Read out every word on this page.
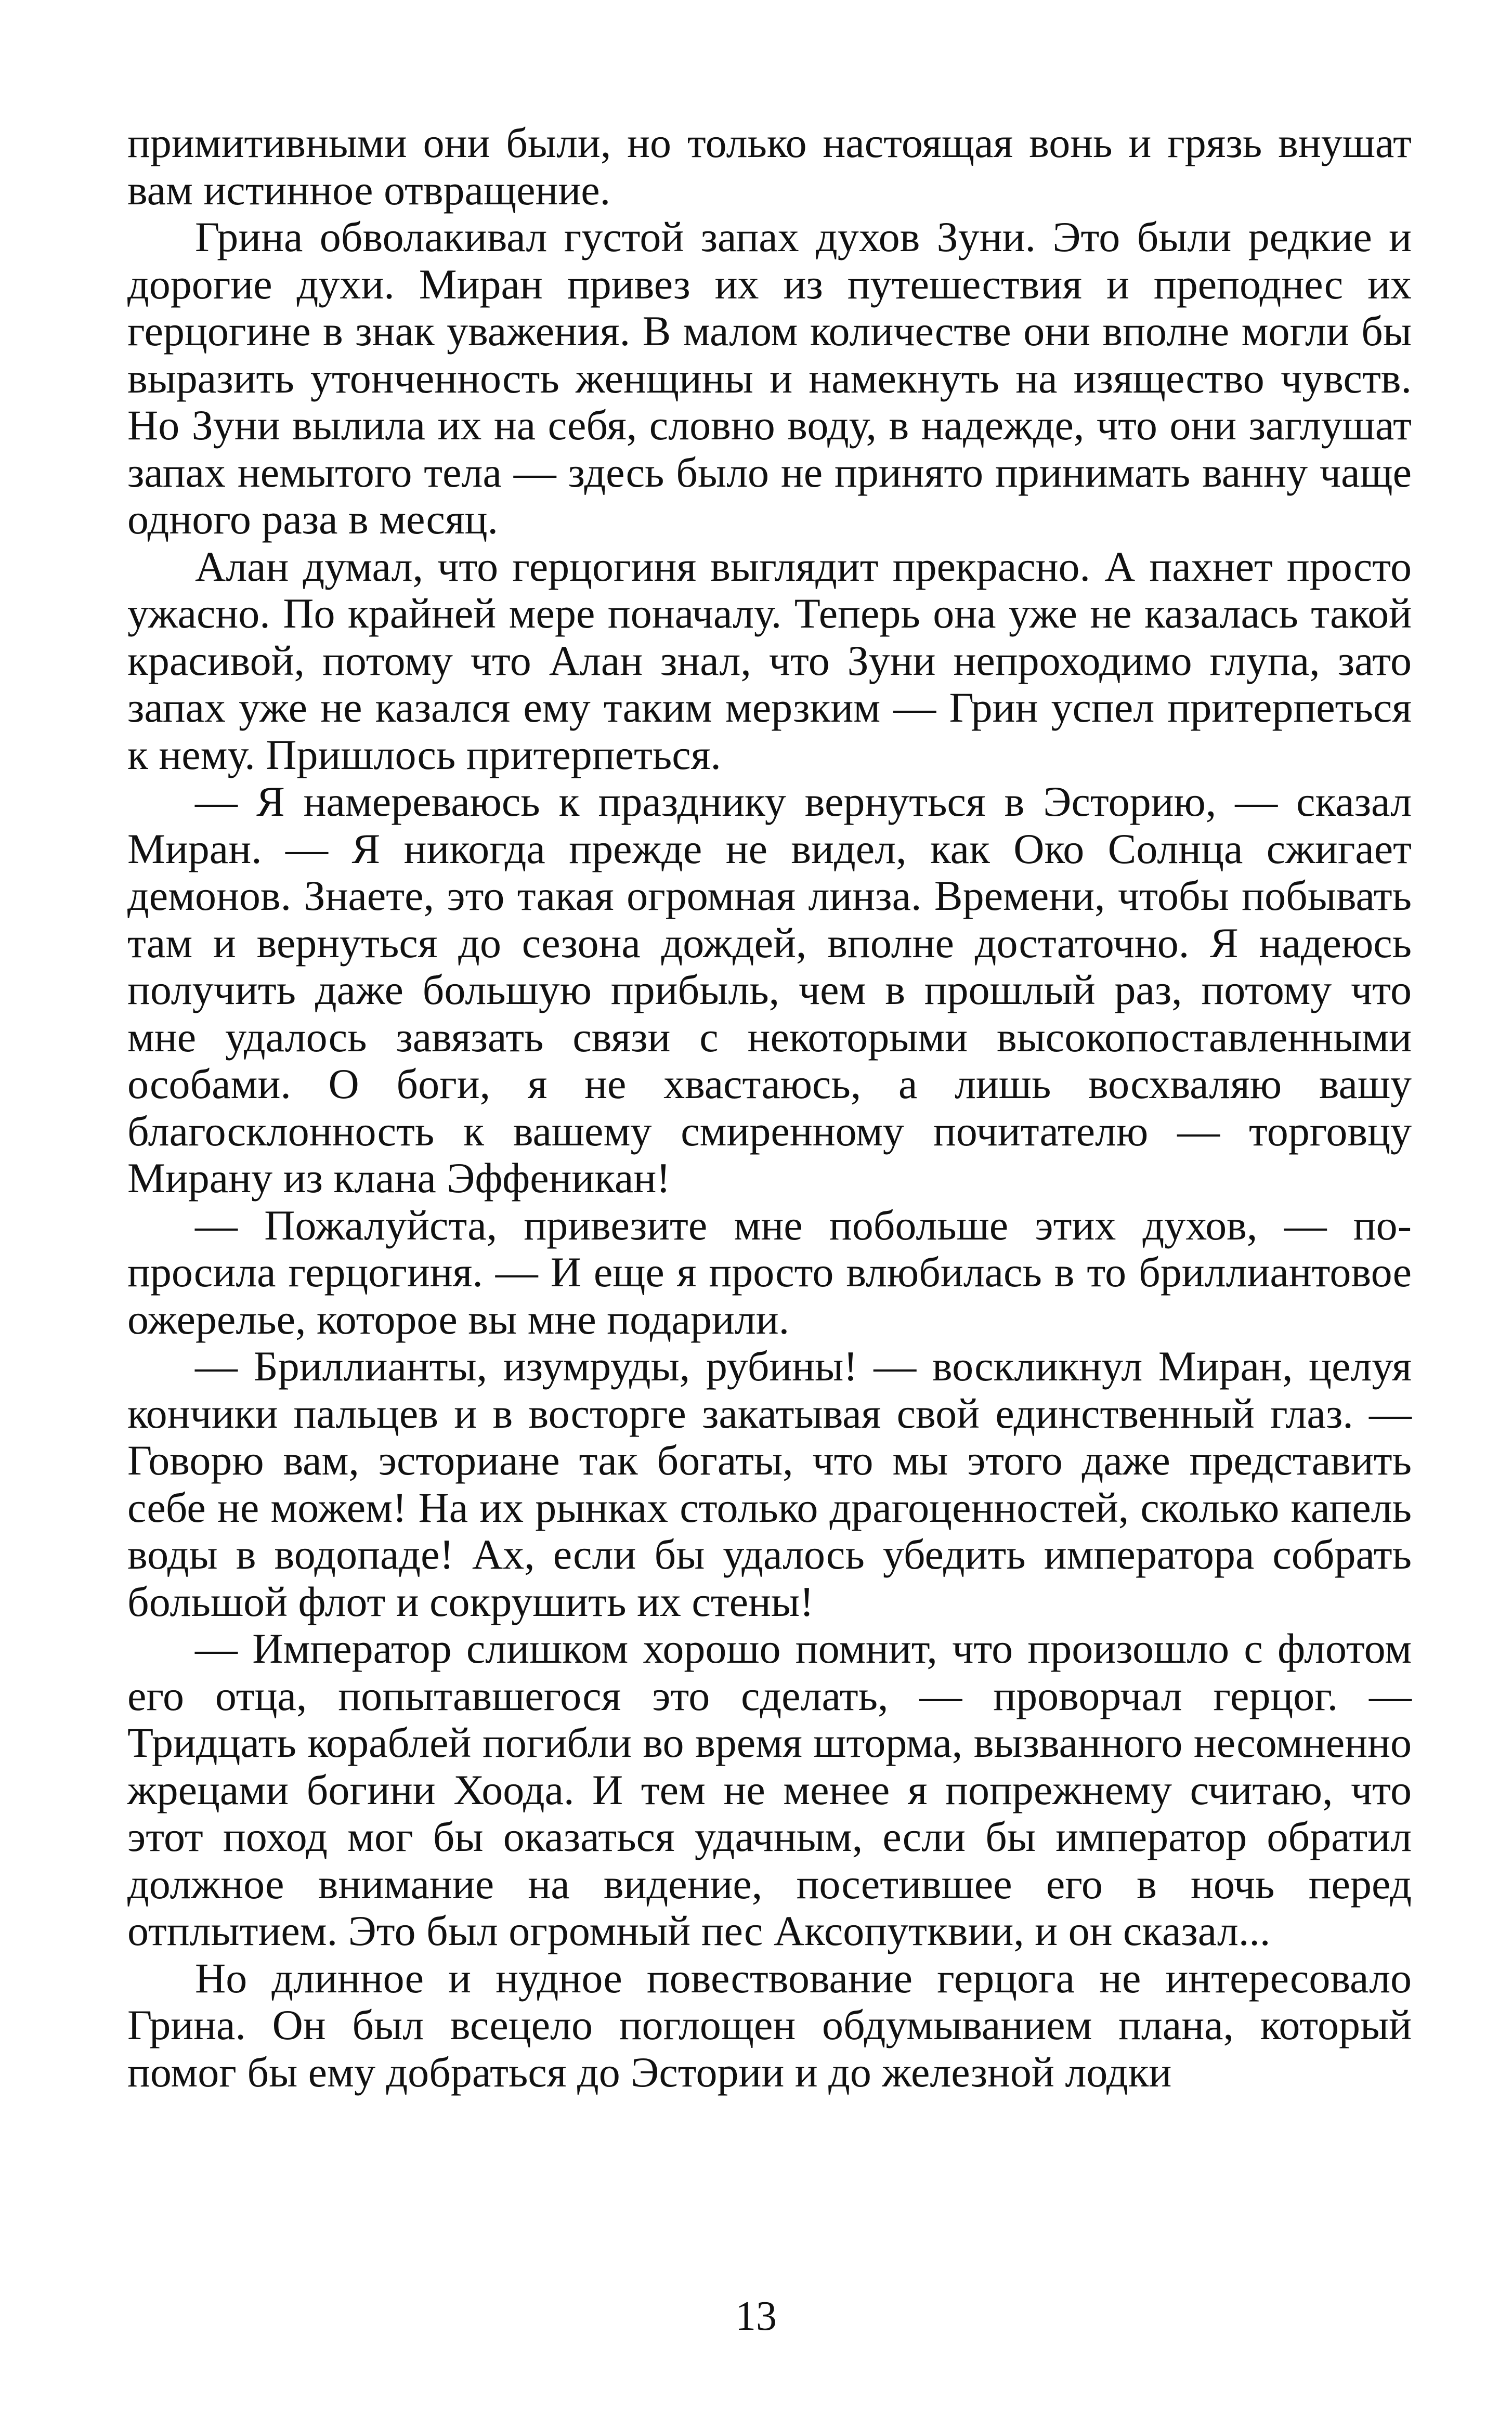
примитивными они были, но только настоящая вонь и грязь внушат вам истинное отвращение.

Грина обволакивал густой запах духов Зуни. Это были редкие и дорогие духи. Миран привез их из путешествия и преподнес их герцогине в знак уважения. В малом количестве они вполне могли бы выразить утонченность женщины и намекнуть на изящество чувств. Но Зуни вылила их на себя, словно воду, в надежде, что они заглушат запах немытого тела — здесь было не принято принимать ванну чаще одного раза в месяц.

Алан думал, что герцогиня выглядит прекрасно. А пахнет просто ужасно. По крайней мере поначалу. Теперь она уже не казалась такой красивой, потому что Алан знал, что Зуни непроходимо глупа, зато запах уже не казался ему таким мерзким — Грин успел притерпеться к нему. Пришлось притерпеться.

— Я намереваюсь к празднику вернуться в Эсторию, — сказал Миран. — Я никогда прежде не видел, как Око Солнца сжигает демонов. Знаете, это такая огромная линза. Времени, чтобы побывать там и вернуться до сезона дождей, вполне достаточно. Я надеюсь получить даже большую прибыль, чем в прошлый раз, потому что мне удалось завязать связи с некоторыми высокопоставленными особами. О боги, я не хвастаюсь, а лишь восхваляю вашу благосклонность к вашему смиренному почитателю — торговцу Мирану из клана Эффеникан!

— Пожалуйста, привезите мне побольше этих духов, — попросила герцогиня. — И еще я просто влюбилась в то бриллиантовое ожерелье, которое вы мне подарили.

— Бриллианты, изумруды, рубины! — воскликнул Миран, целуя кончики пальцев и в восторге закатывая свой единственный глаз. — Говорю вам, эсториане так богаты, что мы этого даже представить себе не можем! На их рынках столько драгоценностей, сколько капель воды в водопаде! Ах, если бы удалось убедить императора собрать большой флот и сокрушить их стены!

— Император слишком хорошо помнит, что произошло с флотом его отца, попытавшегося это сделать, — проворчал герцог. — Тридцать кораблей погибли во время шторма, вызванного несомненно жрецами богини Хоода. И тем не менее я попрежнему считаю, что этот поход мог бы оказаться удачным, если бы император обратил должное внимание на видение, посетившее его в ночь перед отплытием. Это был огромный пес Аксопутквии, и он сказал...

Но длинное и нудное повествование герцога не интересовало Грина. Он был всецело поглощен обдумыванием плана, который помог бы ему добраться до Эстории и до железной лодки

13
